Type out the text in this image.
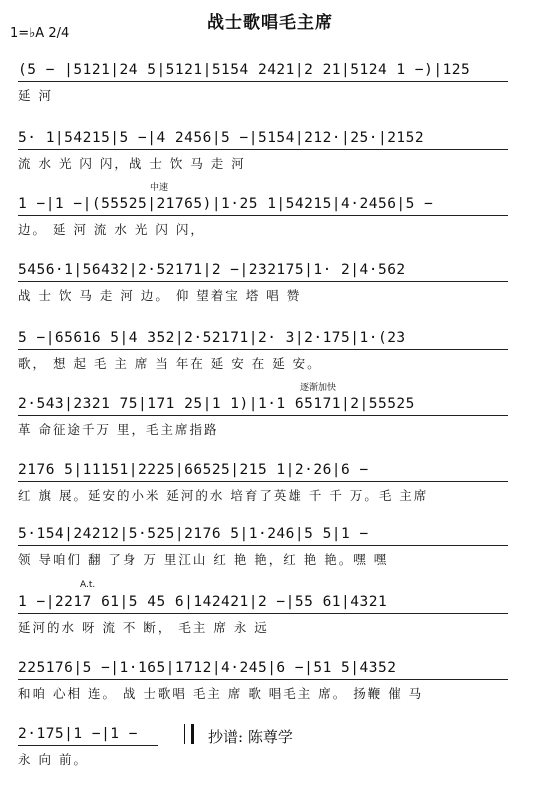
战士歌唱毛主席
1=♭A 2/4
(5 − |5121|24 5|5121|5154 2421|2 21|5124 1 −)|125
延 河
5· 1|54215|5 −|4 2456|5 −|5154|212·|25·|2152
流 水 光 闪 闪，战 士 饮 马 走 河
1 −|1 −|(55525|21765)|1·25 1|54215|4·2456|5 −
边。 延 河 流 水 光 闪 闪，
5456·1|56432|2·52171|2 −|232175|1· 2|4·562
战 士 饮 马 走 河 边。 仰 望着宝 塔 唱 赞
5 −|65616 5|4 352|2·52171|2· 3|2·175|1·(23
歌， 想 起 毛 主 席 当 年在 延 安 在 延 安。
2·543|2321 75|171 25|1 1)|1·1 65171|2|55525
革 命征途千万 里，毛主席指路
2176 5|11151|2225|66525|215 1|2·26|6 −
红 旗 展。延安的小米 延河的水 培育了英雄 千 千 万。毛 主席
5·154|24212|5·525|2176 5|1·246|5 5|1 −
领 导咱们 翻 了身 万 里江山 红 艳 艳，红 艳 艳。嘿 嘿
1 −|2217 61|5 45 6|142421|2 −|55 61|4321
延河的水 呀 流 不 断， 毛主 席 永 远
225176|5 −|1·165|1712|4·245|6 −|51 5|4352
和咱 心相 连。 战 士歌唱 毛主 席 歌 唱毛主 席。 扬鞭 催 马
2·175|1 −|1 −
永 向 前。
中速
逐渐加快
A.t.
抄谱: 陈尊学
